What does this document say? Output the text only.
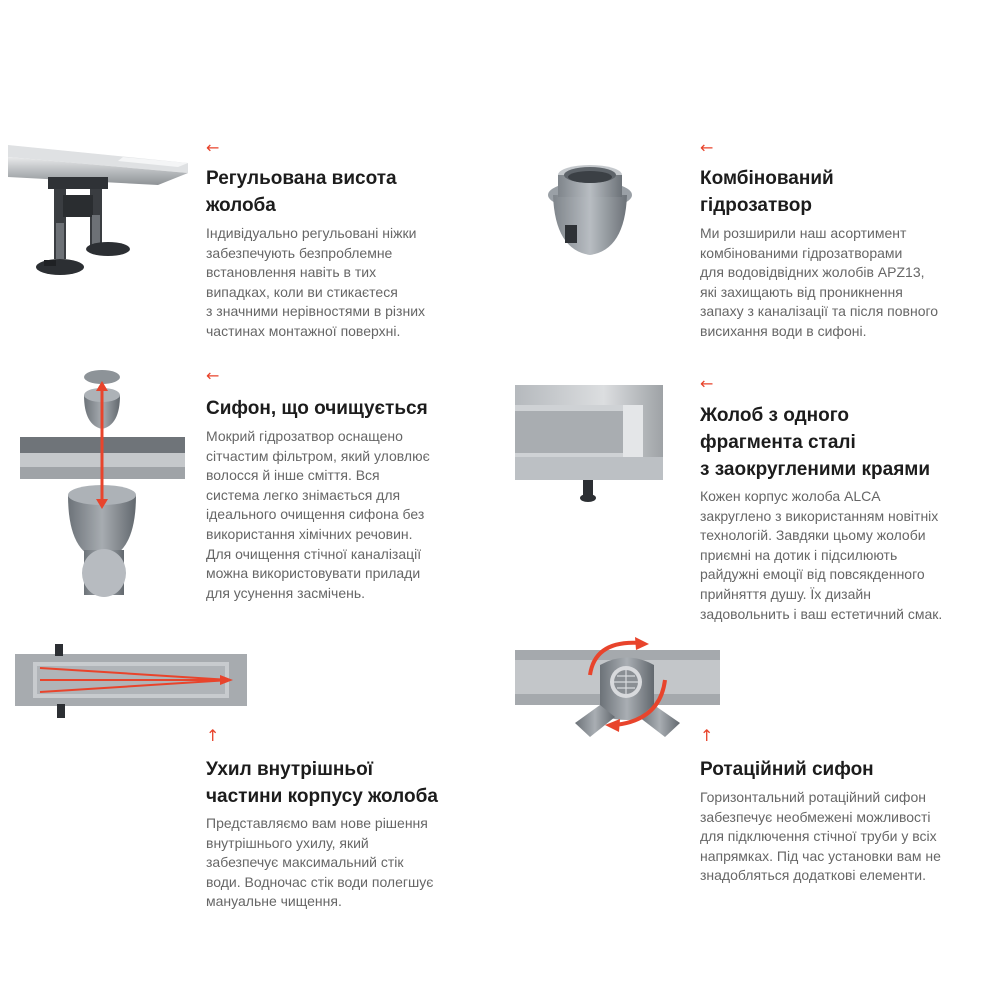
←
Регульована висота
жолоба
Індивідуально регульовані ніжки
забезпечують безпроблемне
встановлення навіть в тих
випадках, коли ви стикаєтеся
з значними нерівностями в різних
частинах монтажної поверхні.
←
Комбінований
гідрозатвор
Ми розширили наш асортимент
комбінованими гідрозатворами
для водовідвідних жолобів APZ13,
які захищають від проникнення
запаху з каналізації та після повного
висихання води в сифоні.
←
Сифон, що очищується
Мокрий гідрозатвор оснащено
сітчастим фільтром, який уловлює
волосся й інше сміття. Вся
система легко знімається для
ідеального очищення сифона без
використання хімічних речовин.
Для очищення стічної каналізації
можна використовувати прилади
для усунення засмічень.
←
Жолоб з одного
фрагмента сталі
з заокругленими краями
Кожен корпус жолоба ALCA
закруглено з використанням новітніх
технологій. Завдяки цьому жолоби
приємні на дотик і підсилюють
райдужні емоції від повсякденного
прийняття душу. Їх дизайн
задовольнить і ваш естетичний смак.
↑
Ухил внутрішньої
частини корпусу жолоба
Представляємо вам нове рішення
внутрішнього ухилу, який
забезпечує максимальний стік
води. Водночас стік води полегшує
мануальне чищення.
↑
Ротаційний сифон
Горизонтальний ротаційний сифон
забезпечує необмежені можливості
для підключення стічної труби у всіх
напрямках. Під час установки вам не
знадобляться додаткові елементи.
